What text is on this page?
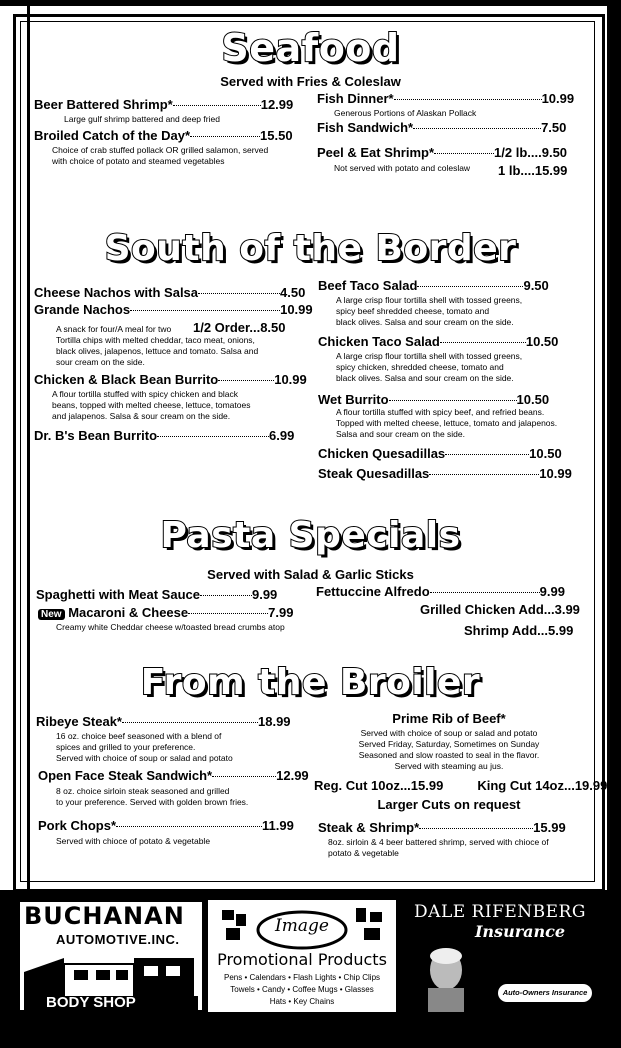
Seafood
Served with Fries & Coleslaw
Beer Battered Shrimp*	12.99
Large gulf shrimp battered and deep fried
Broiled Catch of the Day*	15.50
Choice of crab stuffed pollack OR grilled salamon, served
with choice of potato and steamed vegetables
Fish Dinner*	10.99
Generous Portions of Alaskan Pollack
Fish Sandwich*	7.50
Peel & Eat Shrimp*	1/2 lb....9.50
Not served with potato and coleslaw 1 lb....15.99
South of the Border
Cheese Nachos with Salsa	4.50
Grande Nachos	10.99
A snack for four/A meal for two
Tortilla chips with melted cheddar, taco meat, onions,
black olives, jalapenos, lettuce and tomato. Salsa and
sour cream on the side.
1/2 Order...8.50
Chicken & Black Bean Burrito	10.99
A flour tortilla stuffed with spicy chicken and black
beans, topped with melted cheese, lettuce, tomatoes
and jalapenos. Salsa & sour cream on the side.
Dr. B's Bean Burrito	6.99
Beef Taco Salad	9.50
A large crisp flour tortilla shell with tossed greens,
spicy beef shredded cheese, tomato and
black olives. Salsa and sour cream on the side.
Chicken Taco Salad	10.50
A large crisp flour tortilla shell with tossed greens,
spicy chicken, shredded cheese, tomato and
black olives. Salsa and sour cream on the side.
Wet Burrito	10.50
A flour tortilla stuffed with spicy beef, and refried beans.
Topped with melted cheese, lettuce, tomato and jalapenos.
Salsa and sour cream on the side.
Chicken Quesadillas	10.50
Steak Quesadillas	10.99
Pasta Specials
Served with Salad & Garlic Sticks
Spaghetti with Meat Sauce	9.99
New Macaroni & Cheese	7.99
Creamy white Cheddar cheese w/toasted bread crumbs atop
Fettuccine Alfredo	9.99
Grilled Chicken Add...3.99
Shrimp Add...5.99
From the Broiler
Ribeye Steak*	18.99
16 oz. choice beef seasoned with a blend of
spices and grilled to your preference.
Served with choice of soup or salad and potato
Open Face Steak Sandwich*	12.99
8 oz. choice sirloin steak seasoned and grilled
to your preference. Served with golden brown fries.
Pork Chops*	11.99
Served with chioce of potato & vegetable
Prime Rib of Beef*
Served with choice of soup or salad and potato
Served Friday, Saturday, Sometimes on Sunday
Seasoned and slow roasted to seal in the flavor.
Served with steaming au jus.
Reg. Cut 10oz...15.99	King Cut 14oz...19.99
Larger Cuts on request
Steak & Shrimp*	15.99
8oz. sirloin & 4 beer battered shrimp, served with chioce of
potato & vegetable
BUCHANAN
AUTOMOTIVE.INC.
BODY SHOP
Image
Promotional Products
Pens • Calendars • Flash Lights • Chip Clips
Towels • Candy • Coffee Mugs • Glasses
Hats • Key Chains
DALE RIFENBERG
Insurance
Auto-Owners Insurance
